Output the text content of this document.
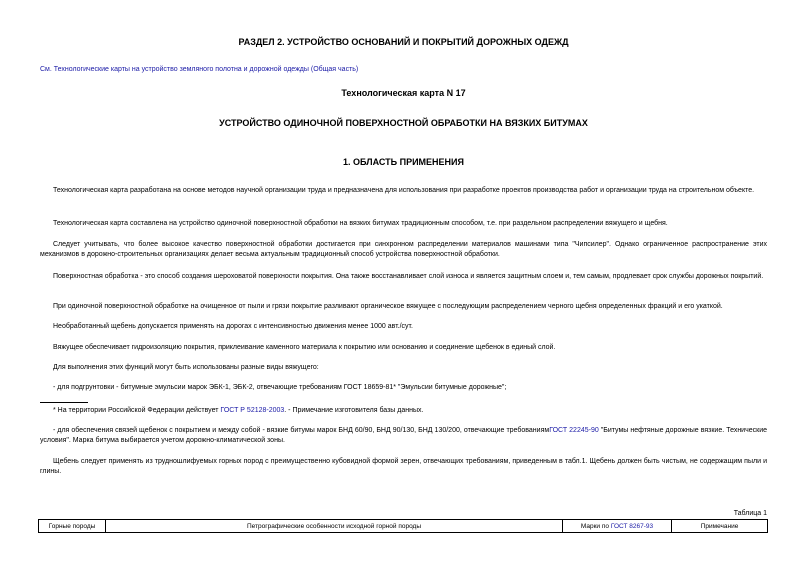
РАЗДЕЛ 2. УСТРОЙСТВО ОСНОВАНИЙ И ПОКРЫТИЙ ДОРОЖНЫХ ОДЕЖД
См. Технологические карты на устройство земляного полотна и дорожной одежды (Общая часть)
Технологическая карта N 17
УСТРОЙСТВО ОДИНОЧНОЙ ПОВЕРХНОСТНОЙ ОБРАБОТКИ НА ВЯЗКИХ БИТУМАХ
1. ОБЛАСТЬ ПРИМЕНЕНИЯ

Технологическая карта разработана на основе методов научной организации труда и предназначена для использования при разработке проектов производства работ и организации труда на строительном объекте.

Технологическая карта составлена на устройство одиночной поверхностной обработки на вязких битумах традиционным способом, т.е. при раздельном распределении вяжущего и щебня.

Следует учитывать, что более высокое качество поверхностной обработки достигается при синхронном распределении материалов машинами типа "Чипсилер". Однако ограниченное распространение этих механизмов в дорожно-строительных организациях делает весьма актуальным традиционный способ устройства поверхностной обработки.

Поверхностная обработка - это способ создания шероховатой поверхности покрытия. Она также восстанавливает слой износа и является защитным слоем и, тем самым, продлевает срок службы дорожных покрытий.

При одиночной поверхностной обработке на очищенное от пыли и грязи покрытие разливают органическое вяжущее с последующим распределением черного щебня определенных фракций и его укаткой.

Необработанный щебень допускается применять на дорогах с интенсивностью движения менее 1000 авт./сут.

Вяжущее обеспечивает гидроизоляцию покрытия, приклеивание каменного материала к покрытию или основанию и соединение щебенок в единый слой.

Для выполнения этих функций могут быть использованы разные виды вяжущего:

- для подгрунтовки - битумные эмульсии марок ЭБК-1, ЭБК-2, отвечающие требованиям ГОСТ 18659-81* "Эмульсии битумные дорожные";

* На территории Российской Федерации действует ГОСТ Р 52128-2003. - Примечание изготовителя базы данных.

- для обеспечения связей щебенок с покрытием и между собой - вязкие битумы марок БНД 60/90, БНД 90/130, БНД 130/200, отвечающие требованиямГОСТ 22245-90 "Битумы нефтяные дорожные вязкие. Технические условия". Марка битума выбирается учетом дорожно-климатической зоны.

Щебень следует применять из трудношлифуемых горных пород с преимущественно кубовидной формой зерен, отвечающих требованиям, приведенным в табл.1. Щебень должен быть чистым, не содержащим пыли и глины.

Таблица 1
Горные породы	Петрографические особенности исходной горной породы	Марки по ГОСТ 8267-93	Примечание
